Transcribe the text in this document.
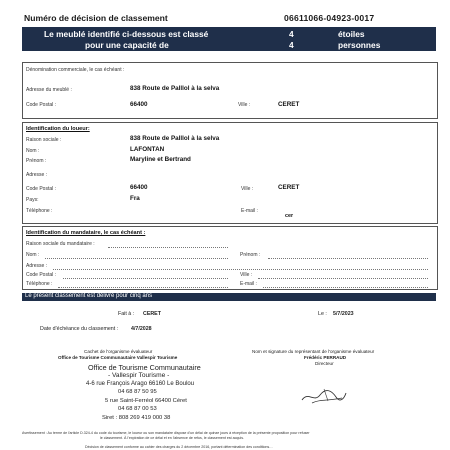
Numéro de décision de classement	06611066-04923-0017
Le meublé identifié ci-dessous est classé	4	étoiles
pour une capacité de	4	personnes
Dénomination commerciale, le cas échéant :
Adresse du meublé :	838 Route de Palllol à la selva
Code Postal :	66400	Ville :	CERET
Identification du loueur:
Raison sociale :	838 Route de Palllol à la selva
Nom :	LAFONTAN
Prénom :	Maryline et Bertrand
Adresse :
Code Postal :	66400	Ville :	CERET
Pays:	Fra
Téléphone :	E-mail :
cer
Identification du mandataire, le cas échéant :
Raison sociale du mandataire :
Nom :	Prénom :
Adresse :
Code Postal :	Ville :
Téléphone :	E-mail :
Le présent classement est délivré pour cinq ans
Fait à : CERET	Le : 5/7/2023
Date d'échéance du classement : 4/7/2028
Cachet de l'organisme évaluateur
Office de Tourisme Communautaire Vallespir Tourisme
Nom et signature du représentant de l'organisme évaluateur
Frédéric PERRAUD
Directeur
Office de Tourisme Communautaire
- Vallespir Tourisme -
4-6 rue François Arago 66160 Le Boulou
04 68 87 50 95
5 rue Saint-Ferréol 66400 Céret
04 68 87 00 53
Siret : 808 269 419 000 38
Avertissement : Au terme de l'article D.324-4 du code du tourisme, le loueur ou son mandataire dispose d'un délai de quinze jours à réception de la présente proposition pour refuser
le classement. À l'expiration de ce délai et en l'absence de refus, le classement est acquis.
Décision de classement conforme au cahier des charges du 2 décembre 2016, portant détermination des conditions…
